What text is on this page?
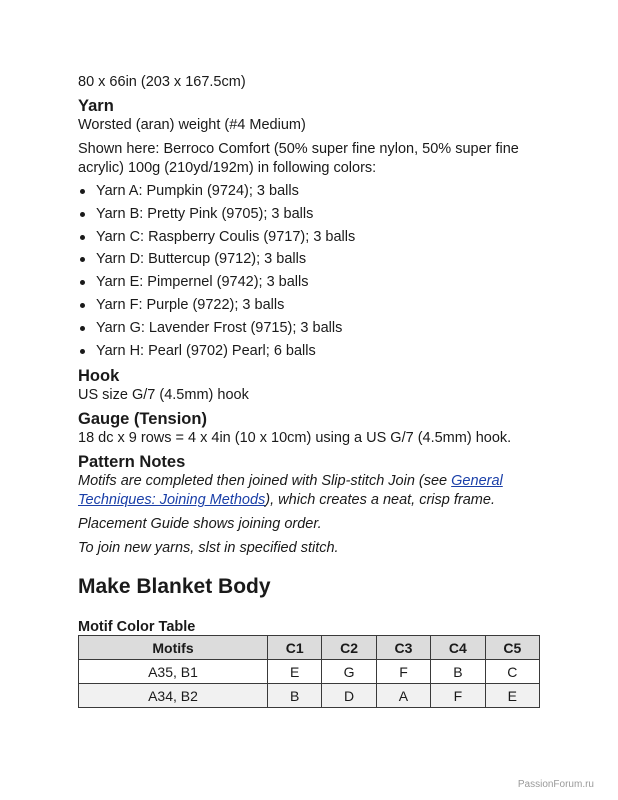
80 x 66in (203 x 167.5cm)

Yarn

Worsted (aran) weight (#4 Medium)

Shown here: Berroco Comfort (50% super fine nylon, 50% super fine acrylic) 100g (210yd/192m) in following colors:

Yarn A: Pumpkin (9724); 3 balls
Yarn B: Pretty Pink (9705); 3 balls
Yarn C: Raspberry Coulis (9717); 3 balls
Yarn D: Buttercup (9712); 3 balls
Yarn E: Pimpernel (9742); 3 balls
Yarn F: Purple (9722); 3 balls
Yarn G: Lavender Frost (9715); 3 balls
Yarn H: Pearl (9702) Pearl; 6 balls
Hook

US size G/7 (4.5mm) hook

Gauge (Tension)

18 dc x 9 rows = 4 x 4in (10 x 10cm) using a US G/7 (4.5mm) hook.

Pattern Notes

Motifs are completed then joined with Slip-stitch Join (see General Techniques: Joining Methods), which creates a neat, crisp frame.

Placement Guide shows joining order.

To join new yarns, slst in specified stitch.

Make Blanket Body
Motif Color Table
Motifs	C1	C2	C3	C4	C5
A35, B1	E	G	F	B	C
A34, B2	B	D	A	F	E
PassionForum.ru
